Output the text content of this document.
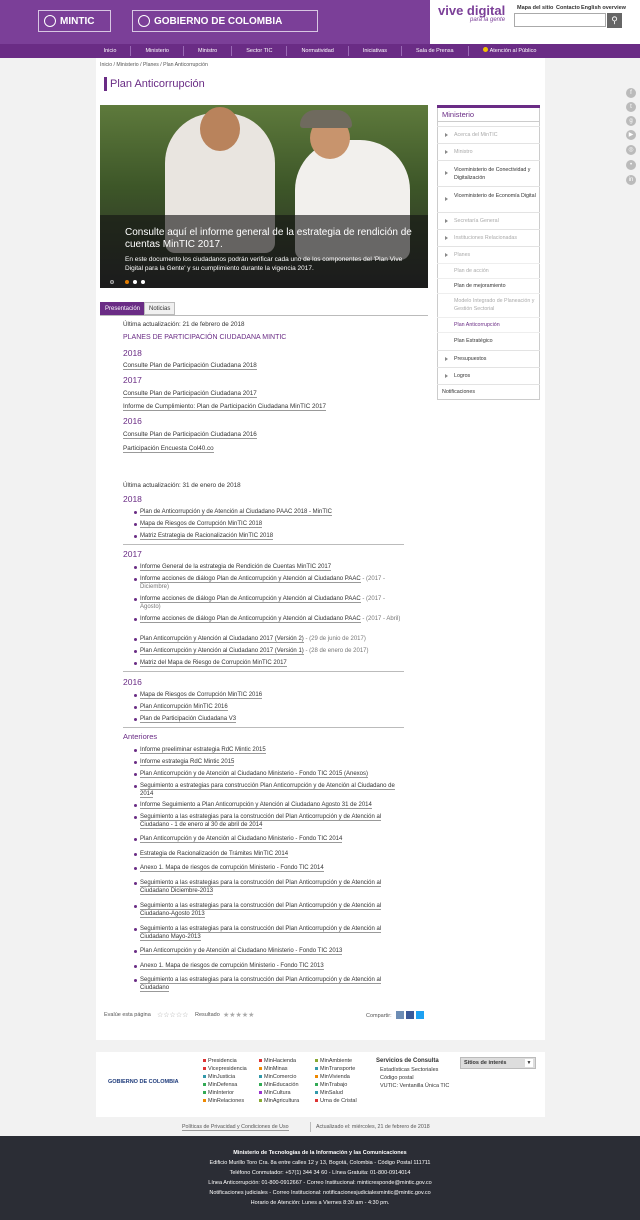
MINTIC	GOBIERNO DE COLOMBIA
vive digital
para la gente
Mapa del sitio Contacto English overview
⚲
Inicio	Ministerio	Ministro	Sector TIC	Normatividad	Iniciativas	Sala de Prensa	Atención al Público
Inicio / Ministerio / Planes / Plan Anticorrupción
Plan Anticorrupción
Consulte aquí el informe general de la estrategia de rendición de cuentas MinTIC 2017.
En este documento los ciudadanos podrán verificar cada uno de los componentes del 'Plan Vive Digital para la Gente' y su cumplimiento durante la vigencia 2017.
Presentación	Noticias
Última actualización: 21 de febrero de 2018
PLANES DE PARTICIPACIÓN CIUDADANA MINTIC
2018
Consulte Plan de Participación Ciudadana 2018
2017
Consulte Plan de Participación Ciudadana 2017
Informe de Cumplimiento: Plan de Participación Ciudadana MinTIC 2017
2016
Consulte Plan de Participación Ciudadana 2016
Participación Encuesta Col40.co
Última actualización: 31 de enero de 2018
2018
Plan de Anticorrupción y de Atención al Ciudadano PAAC 2018 - MinTIC
Mapa de Riesgos de Corrupción MinTIC 2018
Matriz Estrategia de Racionalización MinTIC 2018
2017
Informe General de la estrategia de Rendición de Cuentas MinTIC 2017
Informe acciones de diálogo Plan de Anticorrupción y Atención al Ciudadano PAAC - (2017 - Diciembre)
Informe acciones de diálogo Plan de Anticorrupción y Atención al Ciudadano PAAC - (2017 - Agosto)
Informe acciones de diálogo Plan de Anticorrupción y Atención al Ciudadano PAAC - (2017 - Abril)
Plan Anticorrupción y Atención al Ciudadano 2017 (Versión 2) - (29 de junio de 2017)
Plan Anticorrupción y Atención al Ciudadano 2017 (Versión 1) - (28 de enero de 2017)
Matriz del Mapa de Riesgo de Corrupción MinTIC 2017
2016
Mapa de Riesgos de Corrupción MinTIC 2016
Plan Anticorrupción MinTIC 2016
Plan de Participación Ciudadana V3
Anteriores
Informe preeliminar estrategia RdC Mintic 2015
Informe estrategia RdC Mintic 2015
Plan Anticorrupción y de Atención al Ciudadano Ministerio - Fondo TIC 2015 (Anexos)
Seguimiento a estrategias para construcción Plan Anticorrupción y de Atención al Ciudadano de 2014
Informe Seguimiento a Plan Anticorrupción y Atención al Ciudadano Agosto 31 de 2014
Seguimiento a las estrategias para la construcción del Plan Anticorrupción y de Atención al Ciudadano - 1 de enero al 30 de abril de 2014
Plan Anticorrupción y de Atención al Ciudadano Ministerio - Fondo TIC 2014
Estrategia de Racionalización de Trámites MinTIC 2014
Anexo 1. Mapa de riesgos de corrupción Ministerio - Fondo TIC 2014
Seguimiento a las estrategias para la construcción del Plan Anticorrupción y de Atención al Ciudadano Diciembre-2013
Seguimiento a las estrategias para la construcción del Plan Anticorrupción y de Atención al Ciudadano-Agosto 2013
Seguimiento a las estrategias para la construcción del Plan Anticorrupción y de Atención al Ciudadano Mayo-2013
Plan Anticorrupción y de Atención al Ciudadano Ministerio - Fondo TIC 2013
Anexo 1. Mapa de riesgos de corrupción Ministerio - Fondo TIC 2013
Seguimiento a las estrategias para la construcción del Plan Anticorrupción y de Atención al Ciudadano
Evalúe esta página ☆☆☆☆☆ Resultado ★★★★★	Compartir:
Ministerio
Acerca del MinTIC
Ministro
Viceministerio de Conectividad y Digitalización
Viceministerio de Economía Digital
Secretaría General
Instituciones Relacionadas
Planes
Plan de acción
Plan de mejoramiento
Modelo Integrado de Planeación y Gestión Sectorial
Plan Anticorrupción
Plan Estratégico
Presupuestos
Logros
Notificaciones
f
t
g
▶
◎
•
in
GOBIERNO DE COLOMBIA
Presidencia
Vicepresidencia
MinJusticia
MinDefensa
MinInterior
MinRelaciones
MinHacienda
MinMinas
MinComercio
MinEducación
MinCultura
MinAgricultura
MinAmbiente
MinTransporte
MinVivienda
MinTrabajo
MinSalud
Urna de Cristal
Servicios de Consulta
Estadísticas Sectoriales
Código postal
VUTIC: Ventanilla Única TIC
Sitios de interés	▼
Políticas de Privacidad y Condiciones de Uso	Actualizado el: miércoles, 21 de febrero de 2018
Ministerio de Tecnologías de la Información y las Comunicaciones
Edificio Murillo Toro Cra. 8a entre calles 12 y 13, Bogotá, Colombia - Código Postal 111711
Teléfono Conmutador: +57(1) 344 34 60 - Línea Gratuita: 01-800-0914014
Línea Anticorrupción: 01-800-0912667 - Correo Institucional: minticresponde@mintic.gov.co
Notificaciones judiciales - Correo Institucional: notificacionesjudicialesmintic@mintic.gov.co
Horario de Atención: Lunes a Viernes 8:30 am - 4:30 pm.
